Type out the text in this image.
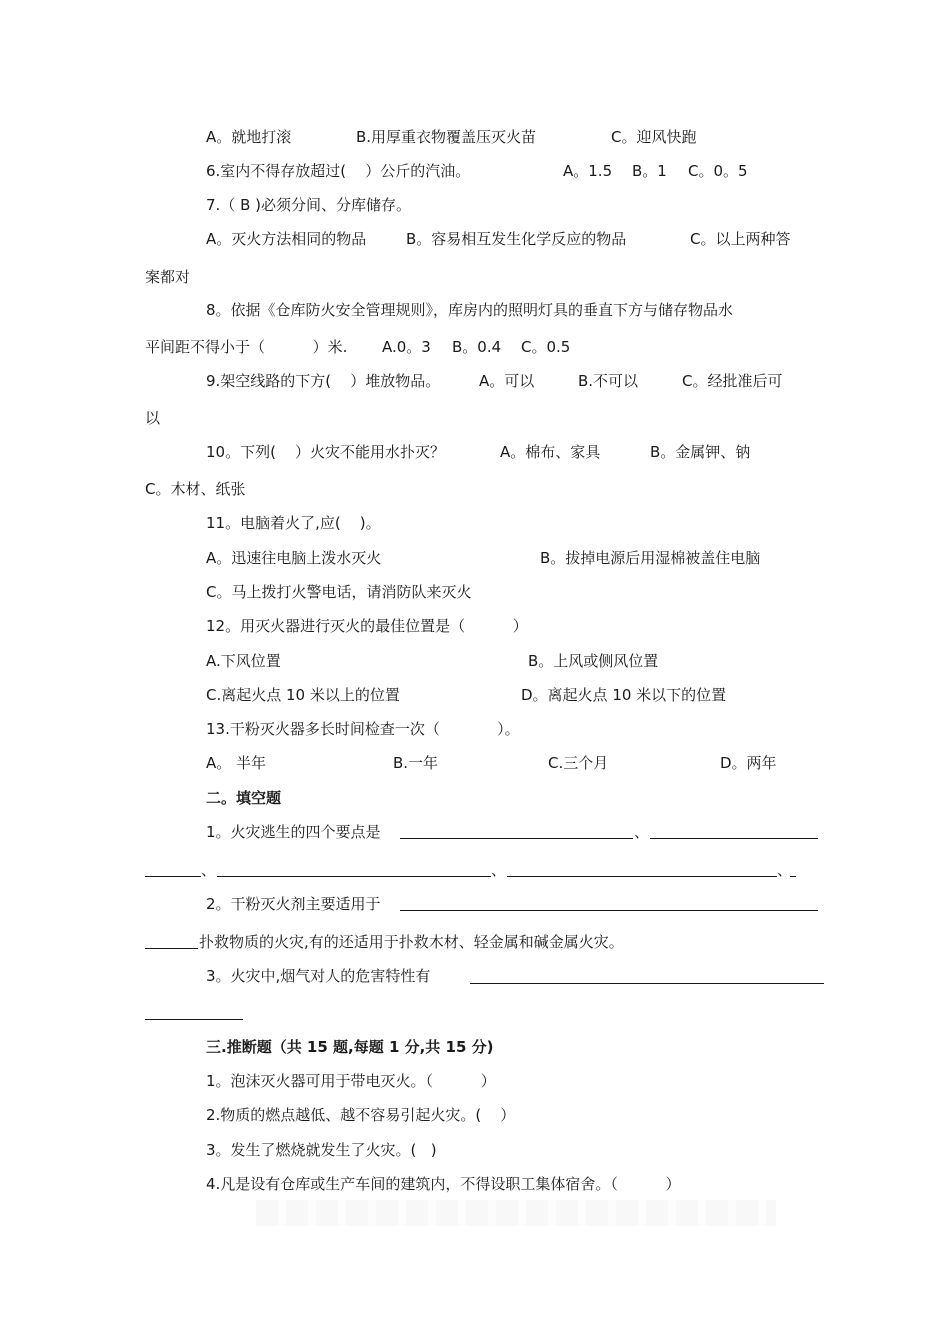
A。就地打滚	B.用厚重衣物覆盖压灭火苗	C。迎风快跑
6.室内不得存放超过(    ）公斤的汽油。	A。1.5 B。1 C。0。5
7.（ B )必须分间、分库储存。
A。灭火方法相同的物品	B。容易相互发生化学反应的物品	C。以上两种答
案都对
8。依据《仓库防火安全管理规则》，库房内的照明灯具的垂直下方与储存物品水
平间距不得小于（          ）米. A.0。3 B。0.4 C。0.5
9.架空线路的下方(    ）堆放物品。	A。可以	B.不可以	C。经批准后可
以
10。下列(    ）火灾不能用水扑灭？	A。棉布、家具	B。金属钾、钠
C。木材、纸张
11。电脑着火了,应(    )。
A。迅速往电脑上泼水灭火	B。拔掉电源后用湿棉被盖住电脑
C。马上拨打火警电话，请消防队来灭火
12。用灭火器进行灭火的最佳位置是（          ）
A.下风位置	B。上风或侧风位置
C.离起火点 10 米以上的位置	D。离起火点 10 米以下的位置
13.干粉灭火器多长时间检查一次（            ）。
A。 半年	B.一年	C.三个月	D。两年
二。填空题
1。火灾逃生的四个要点是	、
、	、	、
2。干粉灭火剂主要适用于
扑救物质的火灾,有的还适用于扑救木材、轻金属和碱金属火灾。
3。火灾中,烟气对人的危害特性有
三.推断题（共 15 题,每题 1 分,共 15 分)
1。泡沫灭火器可用于带电灭火。（          ）
2.物质的燃点越低、越不容易引起火灾。(    ）
3。发生了燃烧就发生了火灾。(   )
4.凡是设有仓库或生产车间的建筑内，不得设职工集体宿舍。（          ）
